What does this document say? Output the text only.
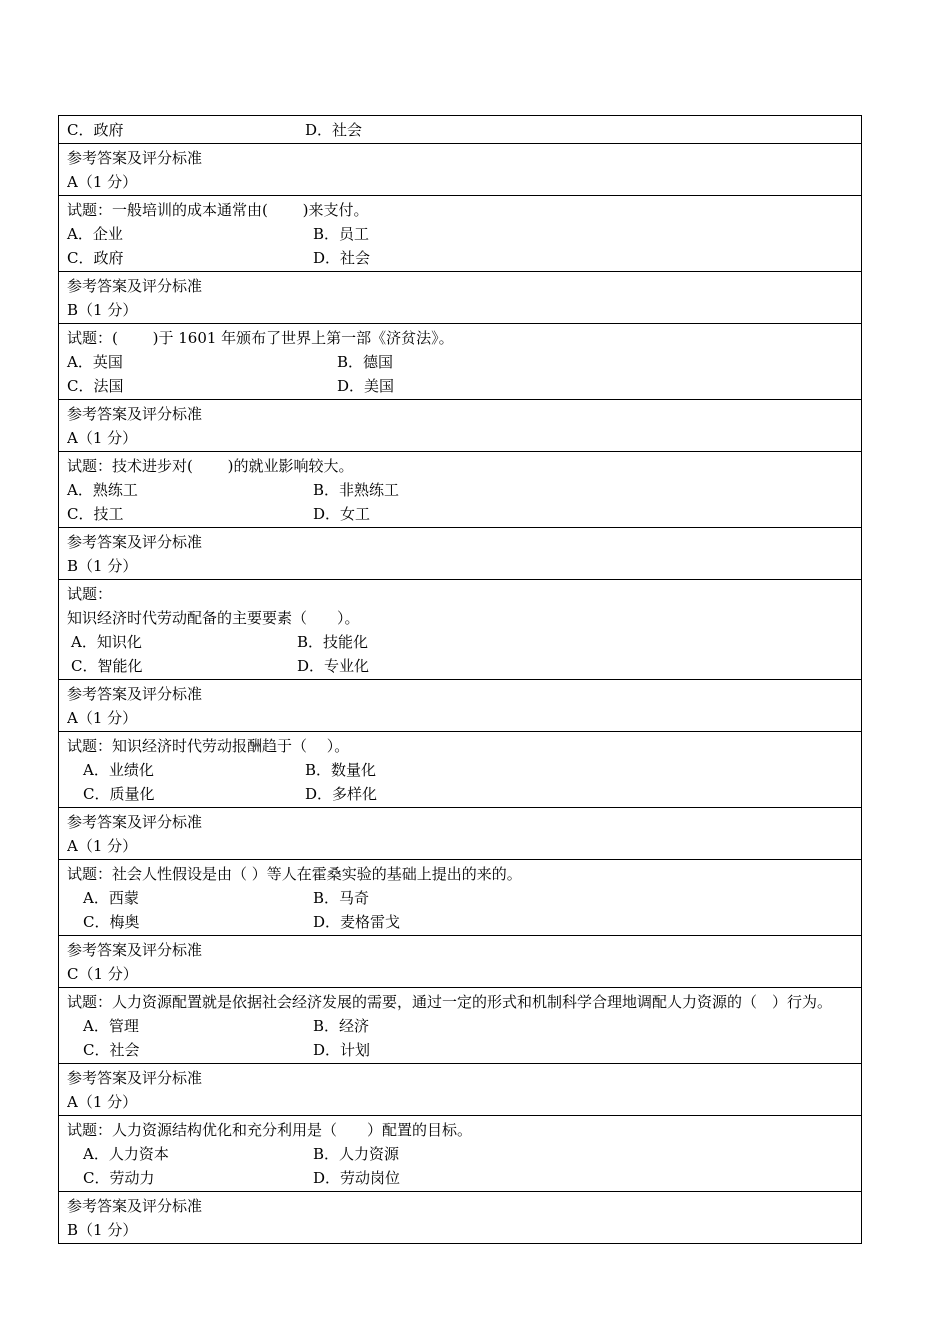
C．政府	D．社会
参考答案及评分标准
A（1 分）
试题：一般培训的成本通常由(　　 )来支付。
A．企业	B．员工
C．政府	D．社会
参考答案及评分标准
B（1 分）
试题：(　　 )于 1601 年颁布了世界上第一部《济贫法》。
A．英国	B．德国
C．法国	D．美国
参考答案及评分标准
A（1 分）
试题：技术进步对(　　 )的就业影响较大。
A．熟练工	B．非熟练工
C．技工	D．女工
参考答案及评分标准
B（1 分）
试题：
知识经济时代劳动配备的主要要素（　　）。
A．知识化	B．技能化
C．智能化	D．专业化
参考答案及评分标准
A（1 分）
试题：知识经济时代劳动报酬趋于（　 ）。
A．业绩化	B．数量化
C．质量化	D．多样化
参考答案及评分标准
A（1 分）
试题：社会人性假设是由（ ）等人在霍桑实验的基础上提出的来的。
A．西蒙	B．马奇
C．梅奥	D．麦格雷戈
参考答案及评分标准
C（1 分）
试题：人力资源配置就是依据社会经济发展的需要，通过一定的形式和机制科学合理地调配人力资源的（　）行为。
A．管理	B．经济
C．社会	D．计划
参考答案及评分标准
A（1 分）
试题：人力资源结构优化和充分利用是（　　）配置的目标。
A．人力资本	B．人力资源
C．劳动力	D．劳动岗位
参考答案及评分标准
B（1 分）
